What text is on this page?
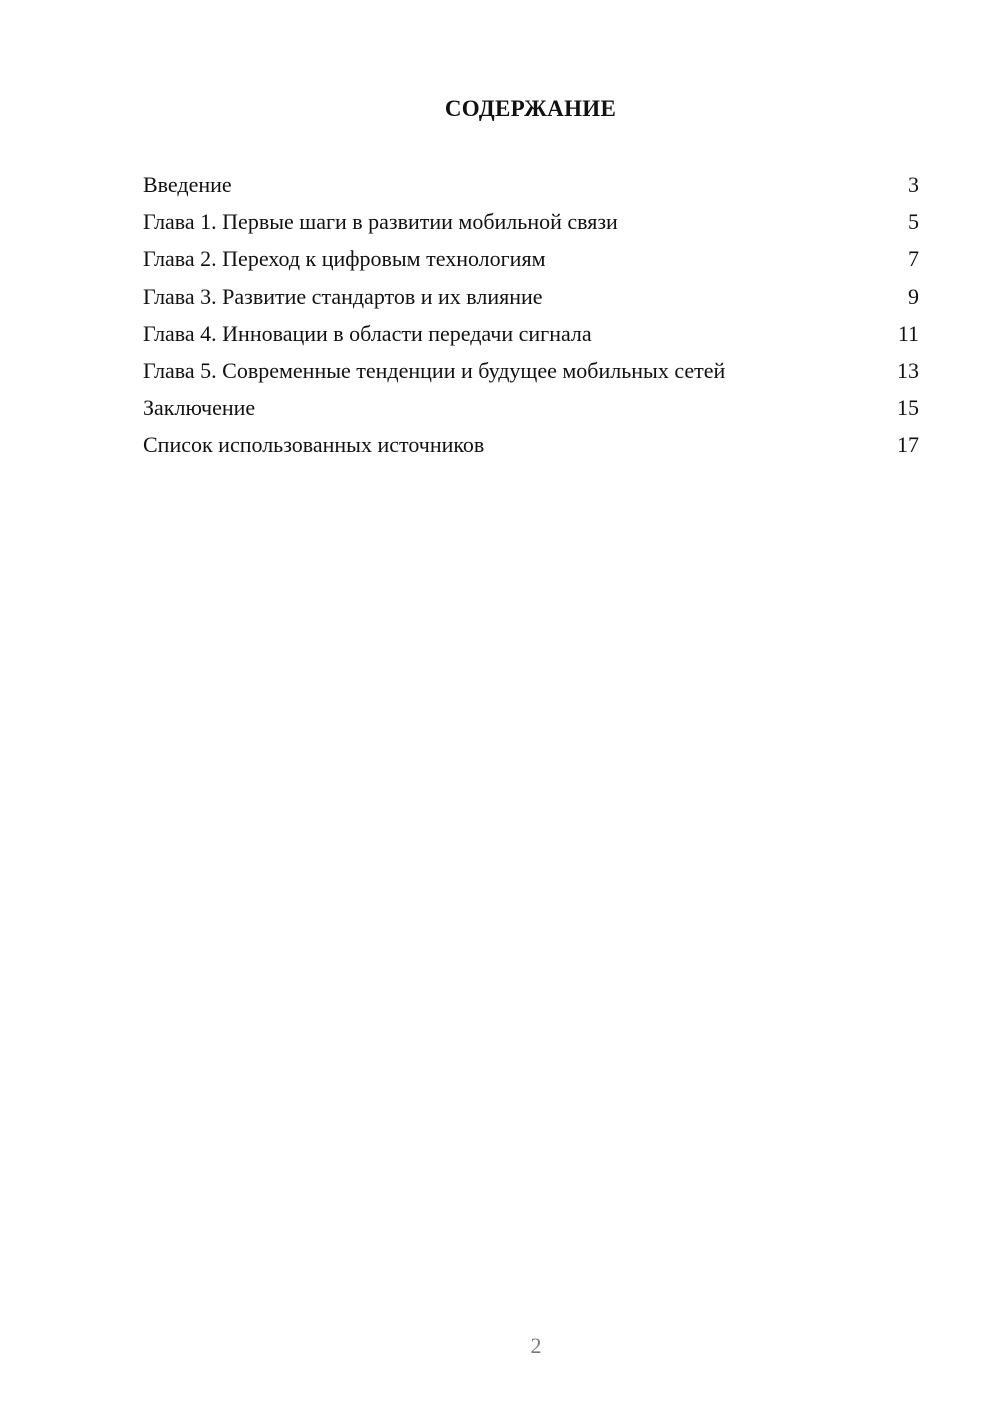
СОДЕРЖАНИЕ
Введение	3
Глава 1. Первые шаги в развитии мобильной связи	5
Глава 2. Переход к цифровым технологиям	7
Глава 3. Развитие стандартов и их влияние	9
Глава 4. Инновации в области передачи сигнала	11
Глава 5. Современные тенденции и будущее мобильных сетей	13
Заключение	15
Список использованных источников	17
2
